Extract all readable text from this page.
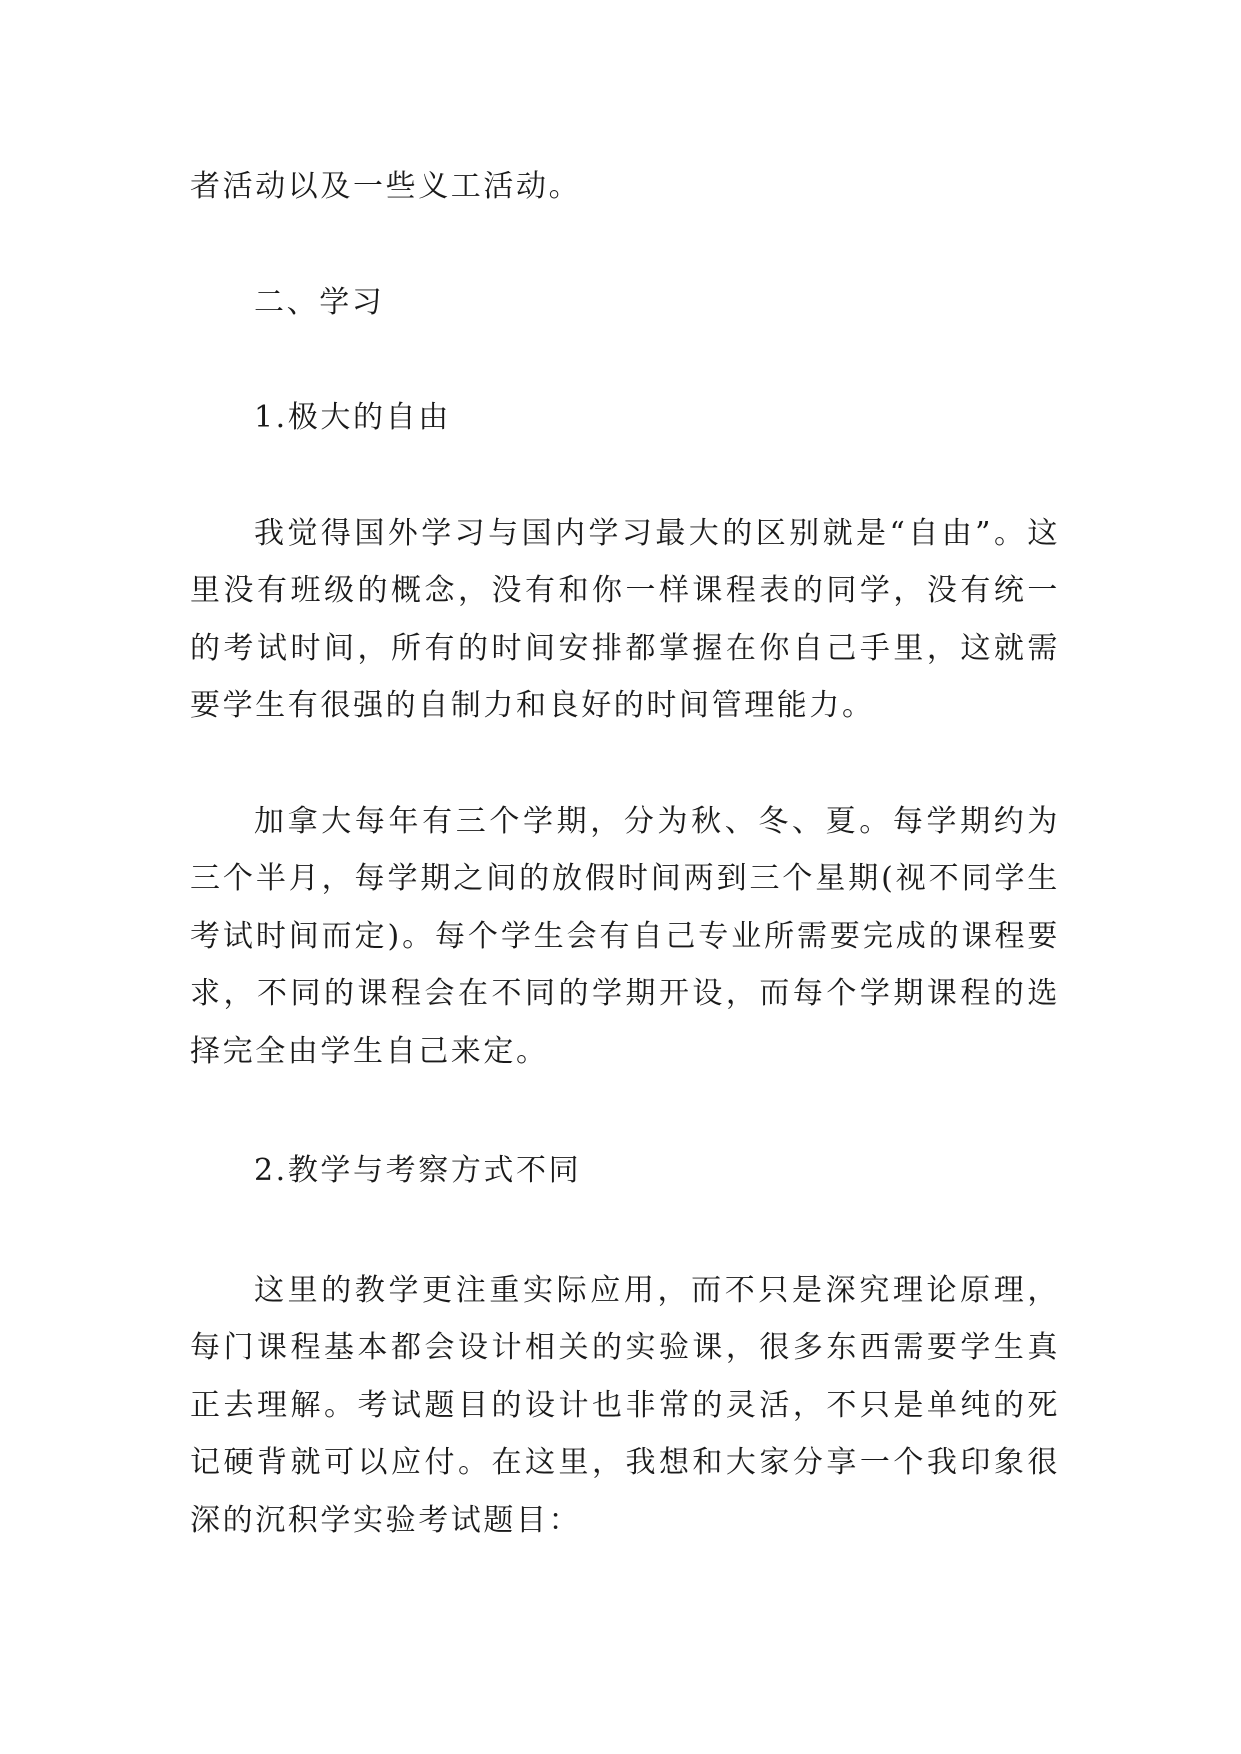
者活动以及一些义工活动。

二、学习

1.极大的自由

我觉得国外学习与国内学习最大的区别就是“自由”。这里没有班级的概念，没有和你一样课程表的同学，没有统一的考试时间，所有的时间安排都掌握在你自己手里，这就需要学生有很强的自制力和良好的时间管理能力。

加拿大每年有三个学期，分为秋、冬、夏。每学期约为三个半月，每学期之间的放假时间两到三个星期(视不同学生考试时间而定)。每个学生会有自己专业所需要完成的课程要求，不同的课程会在不同的学期开设，而每个学期课程的选择完全由学生自己来定。

2.教学与考察方式不同

这里的教学更注重实际应用，而不只是深究理论原理，每门课程基本都会设计相关的实验课，很多东西需要学生真正去理解。考试题目的设计也非常的灵活，不只是单纯的死记硬背就可以应付。在这里，我想和大家分享一个我印象很深的沉积学实验考试题目：
